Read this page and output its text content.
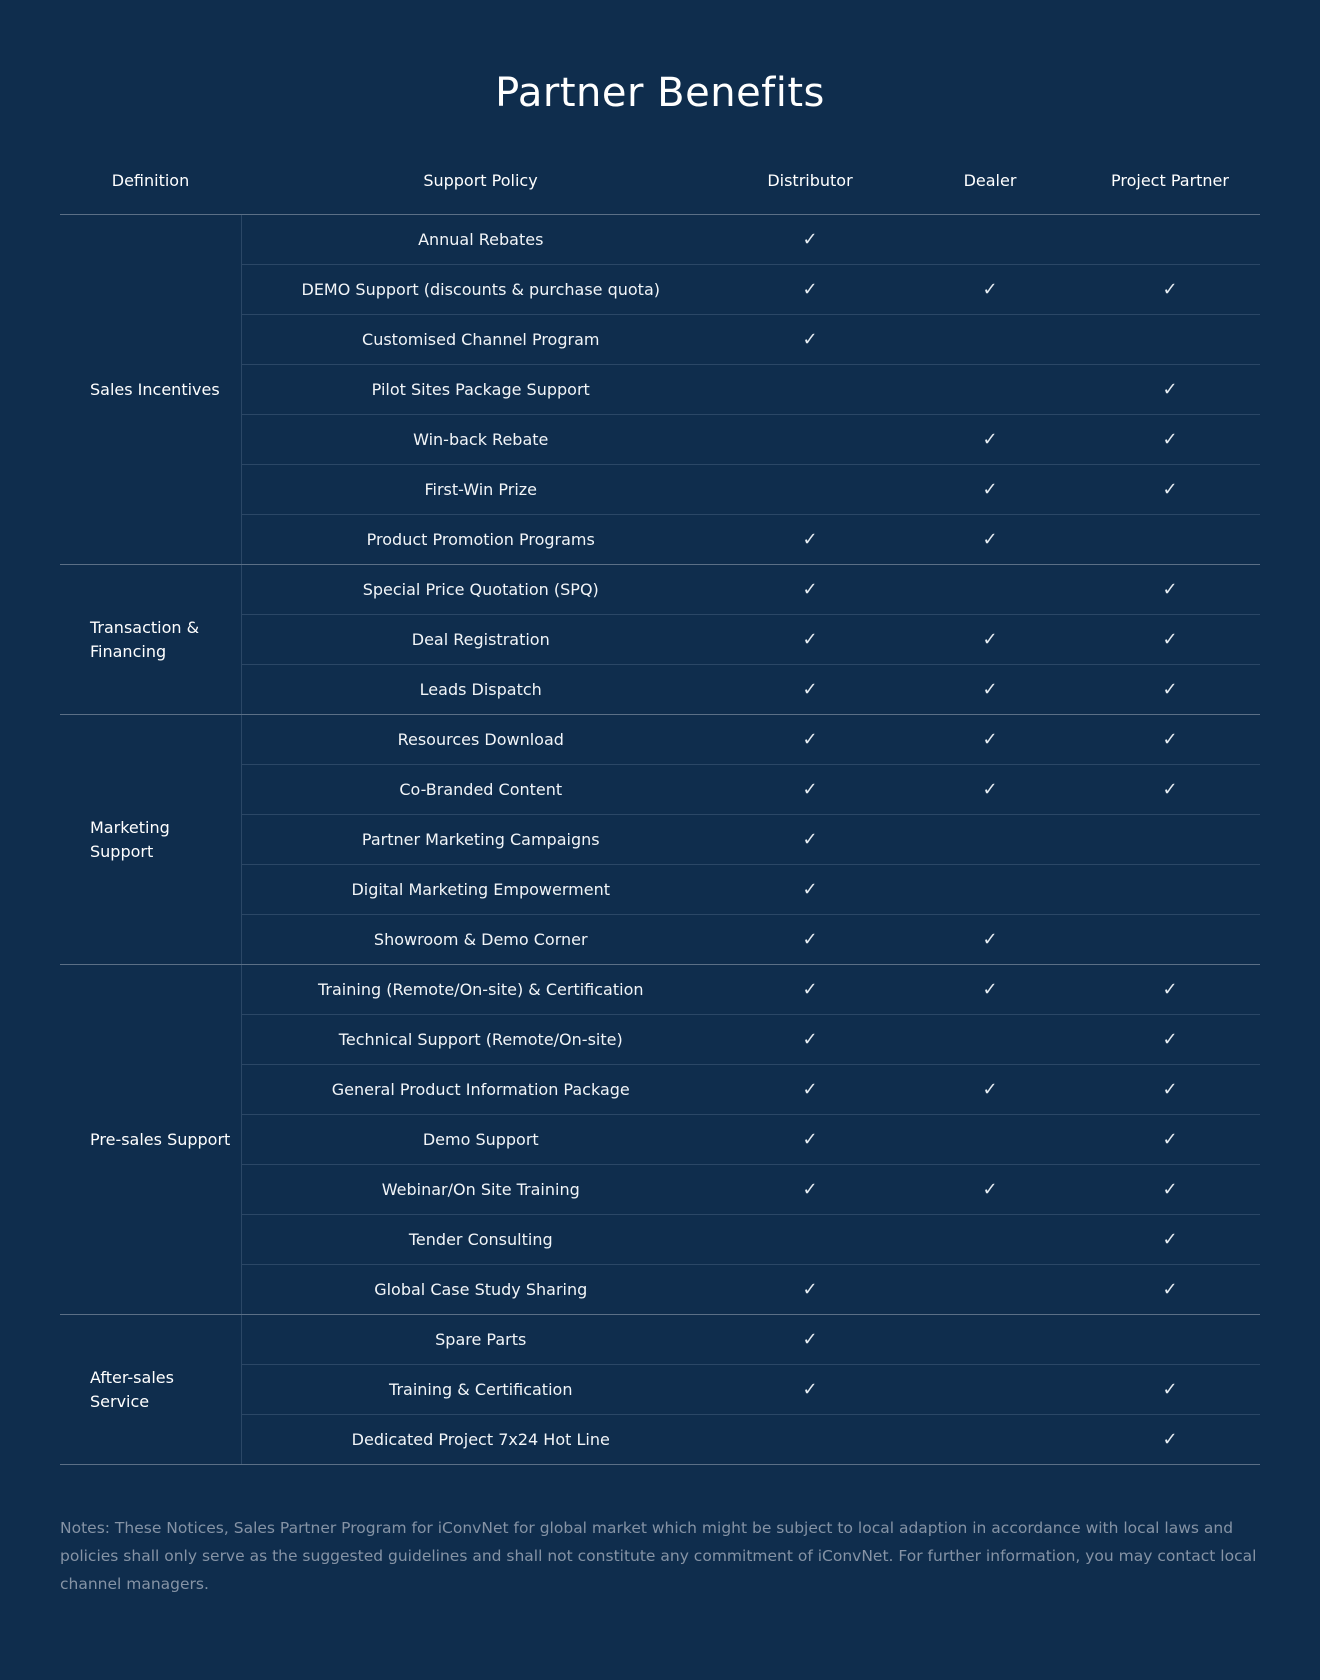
Partner Benefits
Definition	Support Policy	Distributor	Dealer	Project Partner
Sales Incentives	Annual Rebates	✓		
	DEMO Support (discounts & purchase quota)	✓	✓	✓
	Customised Channel Program	✓		
	Pilot Sites Package Support			✓
	Win-back Rebate		✓	✓
	First-Win Prize		✓	✓
	Product Promotion Programs	✓	✓	
Transaction & Financing	Special Price Quotation (SPQ)	✓		✓
	Deal Registration	✓	✓	✓
	Leads Dispatch	✓	✓	✓
Marketing Support	Resources Download	✓	✓	✓
	Co-Branded Content	✓	✓	✓
	Partner Marketing Campaigns	✓		
	Digital Marketing Empowerment	✓		
	Showroom & Demo Corner	✓	✓	
Pre-sales Support	Training (Remote/On-site) & Certification	✓	✓	✓
	Technical Support (Remote/On-site)	✓		✓
	General Product Information Package	✓	✓	✓
	Demo Support	✓		✓
	Webinar/On Site Training	✓	✓	✓
	Tender Consulting			✓
	Global Case Study Sharing	✓		✓
After-sales Service	Spare Parts	✓		
	Training & Certification	✓		✓
	Dedicated Project 7x24 Hot Line			✓

Notes: These Notices, Sales Partner Program for iConvNet for global market which might be subject to local adaption in accordance with local laws and policies shall only serve as the suggested guidelines and shall not constitute any commitment of iConvNet. For further information, you may contact local channel managers.
